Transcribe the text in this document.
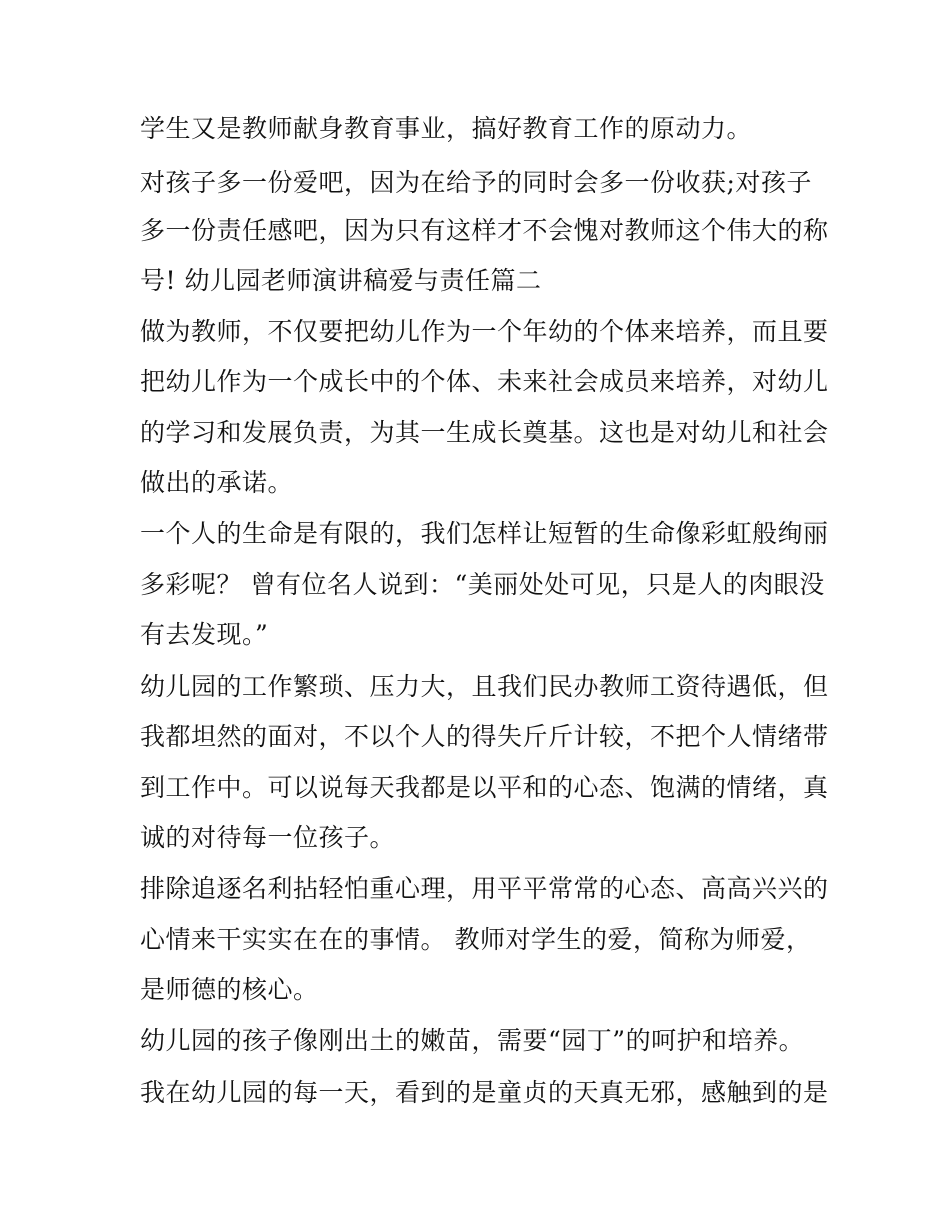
学生又是教师献身教育事业，搞好教育工作的原动力。
对孩子多一份爱吧，因为在给予的同时会多一份收获;对孩子
多一份责任感吧，因为只有这样才不会愧对教师这个伟大的称
号! 幼儿园老师演讲稿爱与责任篇二
做为教师，不仅要把幼儿作为一个年幼的个体来培养，而且要
把幼儿作为一个成长中的个体、未来社会成员来培养，对幼儿
的学习和发展负责，为其一生成长奠基。这也是对幼儿和社会
做出的承诺。
一个人的生命是有限的，我们怎样让短暂的生命像彩虹般绚丽
多彩呢？ 曾有位名人说到：“美丽处处可见，只是人的肉眼没
有去发现。”
幼儿园的工作繁琐、压力大，且我们民办教师工资待遇低，但
我都坦然的面对，不以个人的得失斤斤计较，不把个人情绪带
到工作中。可以说每天我都是以平和的心态、饱满的情绪，真
诚的对待每一位孩子。
排除追逐名利拈轻怕重心理，用平平常常的心态、高高兴兴的
心情来干实实在在的事情。 教师对学生的爱，简称为师爱，
是师德的核心。
幼儿园的孩子像刚出土的嫩苗，需要“园丁”的呵护和培养。
我在幼儿园的每一天，看到的是童贞的天真无邪，感触到的是
